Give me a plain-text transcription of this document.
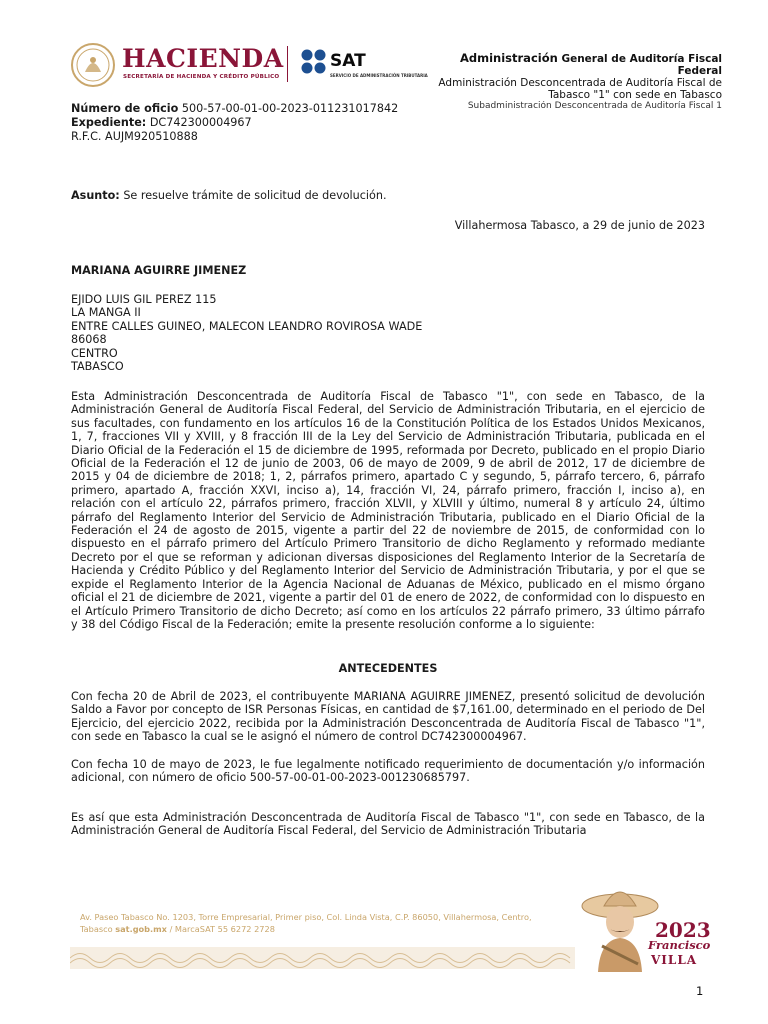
HACIENDA
SECRETARÍA DE HACIENDA Y CRÉDITO PÚBLICO
SAT
SERVICIO DE ADMINISTRACIÓN TRIBUTARIA
Administración General de Auditoría Fiscal Federal
Administración Desconcentrada de Auditoría Fiscal de Tabasco "1" con sede en Tabasco
Subadministración Desconcentrada de Auditoría Fiscal 1
Número de oficio 500-57-00-01-00-2023-011231017842
Expediente: DC742300004967
R.F.C. AUJM920510888
Asunto: Se resuelve trámite de solicitud de devolución.
Villahermosa Tabasco, a 29 de junio de 2023
MARIANA AGUIRRE JIMENEZ
EJIDO LUIS GIL PEREZ 115
LA MANGA II
ENTRE CALLES GUINEO, MALECON LEANDRO ROVIROSA WADE
86068
CENTRO
TABASCO
Esta Administración Desconcentrada de Auditoría Fiscal de Tabasco "1", con sede en Tabasco, de la Administración General de Auditoría Fiscal Federal, del Servicio de Administración Tributaria, en el ejercicio de sus facultades, con fundamento en los artículos 16 de la Constitución Política de los Estados Unidos Mexicanos, 1, 7, fracciones VII y XVIII, y 8 fracción III de la Ley del Servicio de Administración Tributaria, publicada en el Diario Oficial de la Federación el 15 de diciembre de 1995, reformada por Decreto, publicado en el propio Diario Oficial de la Federación el 12 de junio de 2003, 06 de mayo de 2009, 9 de abril de 2012, 17 de diciembre de 2015 y 04 de diciembre de 2018; 1, 2, párrafos primero, apartado C y segundo, 5, párrafo tercero, 6, párrafo primero, apartado A, fracción XXVI, inciso a), 14, fracción VI, 24, párrafo primero, fracción I, inciso a), en relación con el artículo 22, párrafos primero, fracción XLVII, y XLVIII y último, numeral 8 y artículo 24, último párrafo del Reglamento Interior del Servicio de Administración Tributaria, publicado en el Diario Oficial de la Federación el 24 de agosto de 2015, vigente a partir del 22 de noviembre de 2015, de conformidad con lo dispuesto en el párrafo primero del Artículo Primero Transitorio de dicho Reglamento y reformado mediante Decreto por el que se reforman y adicionan diversas disposiciones del Reglamento Interior de la Secretaría de Hacienda y Crédito Público y del Reglamento Interior del Servicio de Administración Tributaria, y por el que se expide el Reglamento Interior de la Agencia Nacional de Aduanas de México, publicado en el mismo órgano oficial el 21 de diciembre de 2021, vigente a partir del 01 de enero de 2022, de conformidad con lo dispuesto en el Artículo Primero Transitorio de dicho Decreto; así como en los artículos 22 párrafo primero, 33 último párrafo y 38 del Código Fiscal de la Federación; emite la presente resolución conforme a lo siguiente:
ANTECEDENTES
Con fecha 20 de Abril de 2023, el contribuyente MARIANA AGUIRRE JIMENEZ, presentó solicitud de devolución Saldo a Favor por concepto de ISR Personas Físicas, en cantidad de $7,161.00, determinado en el periodo de Del Ejercicio, del ejercicio 2022, recibida por la Administración Desconcentrada de Auditoría Fiscal de Tabasco "1", con sede en Tabasco la cual se le asignó el número de control DC742300004967.
Con fecha 10 de mayo de 2023, le fue legalmente notificado requerimiento de documentación y/o información adicional, con número de oficio 500-57-00-01-00-2023-001230685797.
Es así que esta Administración Desconcentrada de Auditoría Fiscal de Tabasco "1", con sede en Tabasco, de la Administración General de Auditoría Fiscal Federal, del Servicio de Administración Tributaria
Av. Paseo Tabasco No. 1203, Torre Empresarial, Primer piso, Col. Linda Vista, C.P. 86050, Villahermosa, Centro,
Tabasco sat.gob.mx / MarcaSAT 55 6272 2728	2023
Francisco
VILLA
1
